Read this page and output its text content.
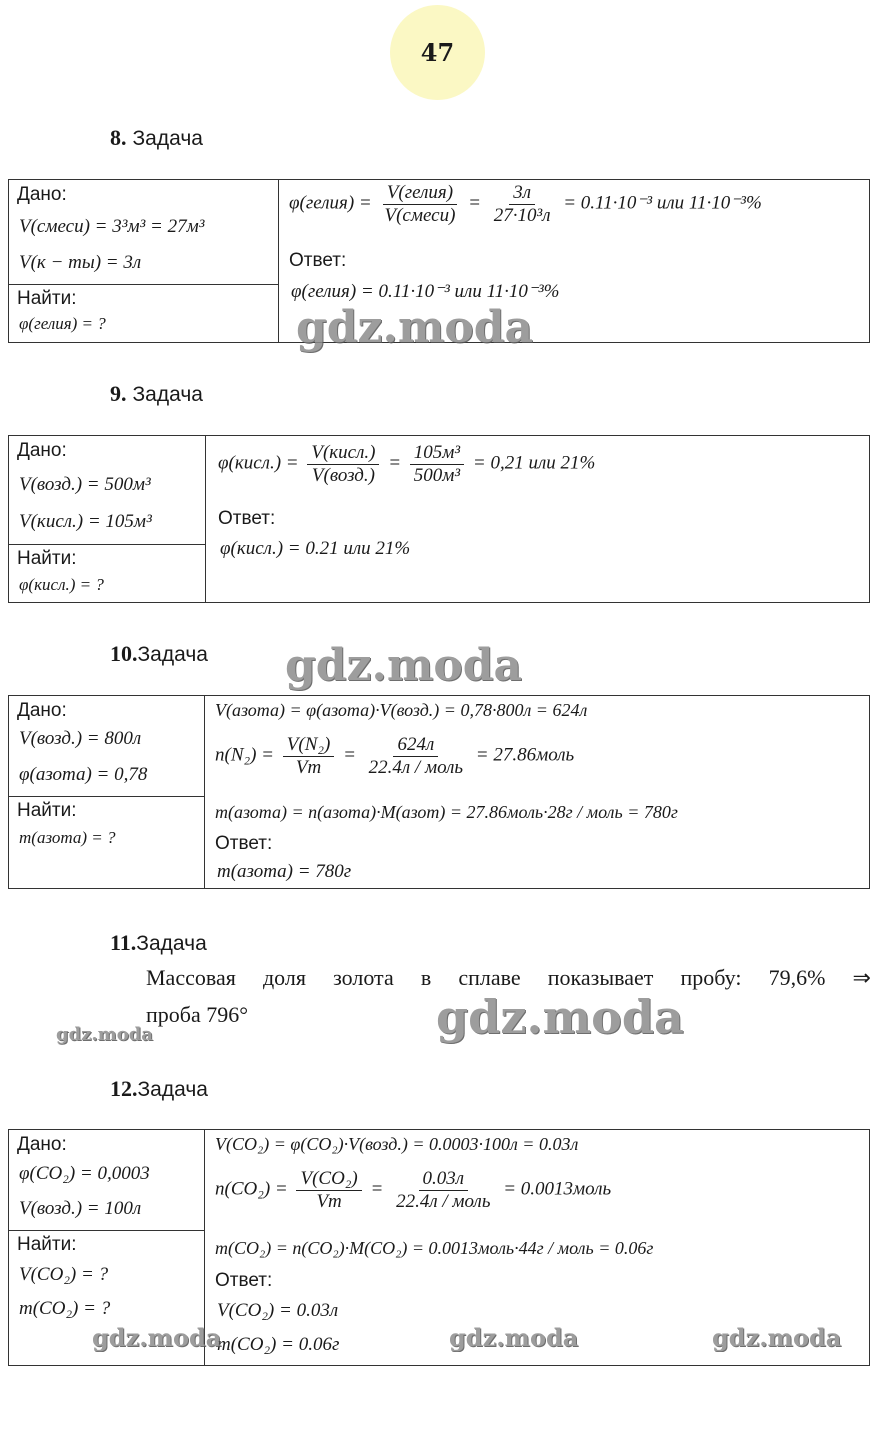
47
8. Задача
Дано:
V(смеси) = 3³м³ = 27м³
V(к − ты) = 3л
Найти:
φ(гелия) = ?
φ(гелия) = $\frac{\text{V(гелия)}}{\text{V(смеси)}} = \frac{3л}{\text{27·10³л}} = 0.11\cdot 10^{-3}$ или 11·10⁻³%
Ответ:
φ(гелия) = 0.11·10⁻³ или 11·10⁻³%
gdz.moda
9. Задача
Дано:
V(возд.) = 500м³
V(кисл.) = 105м³
Найти:
φ(кисл.) = ?
φ(кисл.) = $\frac{\text{V(кисл.)}}{\text{V(возд.)}} = \frac{\text{105м³}}{\text{500м³}} = 0,21$ или 21%
Ответ:
φ(кисл.) = 0.21 или 21%
10.Задача gdz.moda
Дано:
V(возд.) = 800л
φ(азота) = 0,78
Найти:
m(азота) = ?
V(азота) = φ(азота)·V(возд.) = 0,78·800л = 624л
$n(N_2) = \frac{\text{V(N₂)}}{Vm} = \frac{624л}{\text{22.4л / моль}}$ = 27.86моль
m(азота) = n(азота)·M(азот) = 27.86моль·28г / моль = 780г
Ответ:
m(азота) = 780г
11.Задача
Массовая доля золота в сплаве показывает пробу: 79,6% ⇒
проба 796°	gdz.moda
gdz.moda
12.Задача
Дано:
φ(CO₂) = 0,0003
V(возд.) = 100л
Найти:
V(CO₂) = ?
m(CO₂) = ?
V(CO₂) = φ(CO₂)·V(возд.) = 0.0003·100л = 0.03л
$n(CO_2) = \frac{\text{V(CO₂)}}{Vm} = \frac{0.03л}{\text{22.4л / моль}}$ = 0.0013моль
m(CO₂) = n(CO₂)·M(CO₂) = 0.0013моль·44г / моль = 0.06г
Ответ:
V(CO₂) = 0.03л
m(CO₂) = 0.06г
gdz.moda	gdz.moda	gdz.moda
